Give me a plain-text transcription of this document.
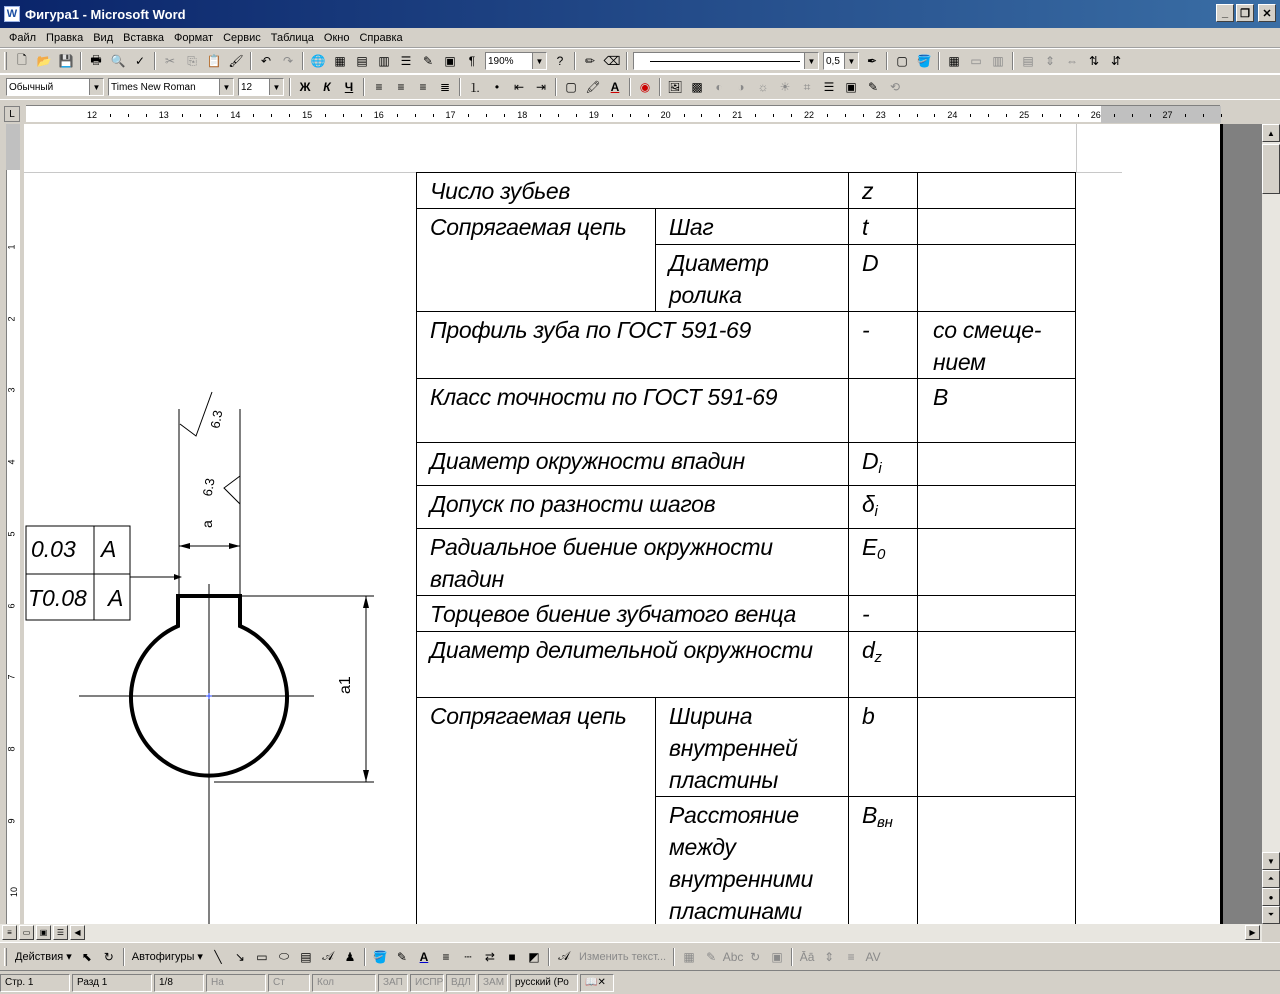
W Фигура1 - Microsoft Word	_	❐	✕
Файл Правка Вид Вставка Формат Сервис Таблица Окно Справка
🗋 📂 💾	🖶 🔍 ✓	✂	⎘ 📋 🖌	↶ ↷	🌐 ▦ ▤ ▥ ☰ ✎ ▣	¶	190%	▼	?	✏ ⌫	▼ 0,5 ▼ ✒	▢ 🪣	▦ ▭ ▥	▤ ⇕ ⇔ ⇅ ⇵
Обычный	▼ Times New Roman	▼ 12	▼	Ж	К	Ч	≡	≡	≡	≣	⒈	•	⇤ ⇥	▢ 🖍 A	◉	🖼 ▩	◐	◑	☼ ☀	⌗	☰ ▣ ✎ ⟲
L	12	13	14	15	16	17	18	19	20	21	22	23	24	25	26	27
1
2
3
4
5
6
7
8
9
10
0.03 A
T0.08 A
a
6.3
6.3
a1
Число зубьев		z	
Сопрягаемая цепь	Шаг	t	
	Диаметр ролика	D	
Профиль зуба по ГОСТ 591-69		-	со смеще-нием
Класс точности по ГОСТ 591-69			В
Диаметр окружности впадин		$D_i$	
Допуск по разности шагов		$\delta_i$	
Радиальное биение окружности впадин		$E_0$	
Торцевое биение зубчатого венца		-	
Диаметр делительной окружности		$d_z$	
Сопрягаемая цепь	Ширина внутренней пластины	b	
	Расстояние между внутренними пластинами	$B_{вн}$	
▲
▼
⏶
●
⏷
≡	▭	▣	☰	◀	▶
Действия ▾ ⬉ ↻	Автофигуры ▾ ╲	↘ ▭ ⬭ ▤ 𝒜 ♟	🪣 ✎	A	≡	┄	⇄	■	◩	𝒜 Изменить текст...	▦ ✎ Abc ↻ ▣	Āā ⇕	≡ AV
Стр. 1	Разд 1	1/8	На	Ст	Кол	ЗАП	ИСПР ВДЛ	ЗАМ	русский (Ро	📖✕
